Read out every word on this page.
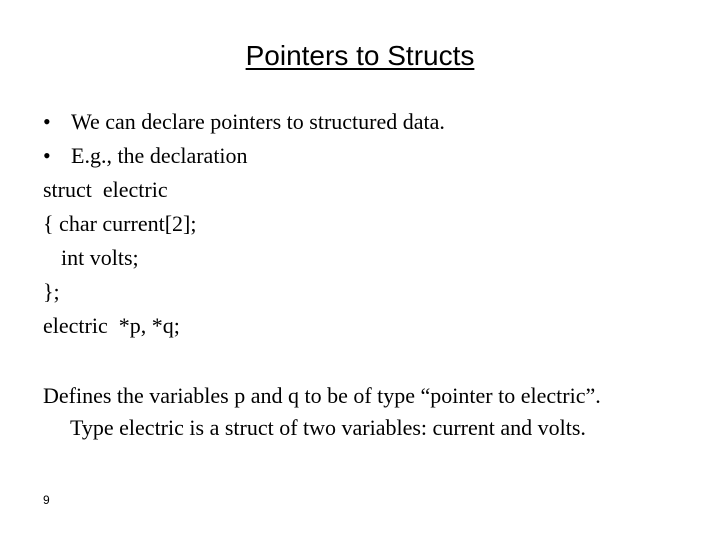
Pointers to Structs
• We can declare pointers to structured data.
• E.g., the declaration
struct  electric
{ char current[2];
int volts;
};
electric  *p, *q;
Defines the variables p and q to be of type “pointer to electric”.
Type electric is a struct of two variables: current and volts.
9
